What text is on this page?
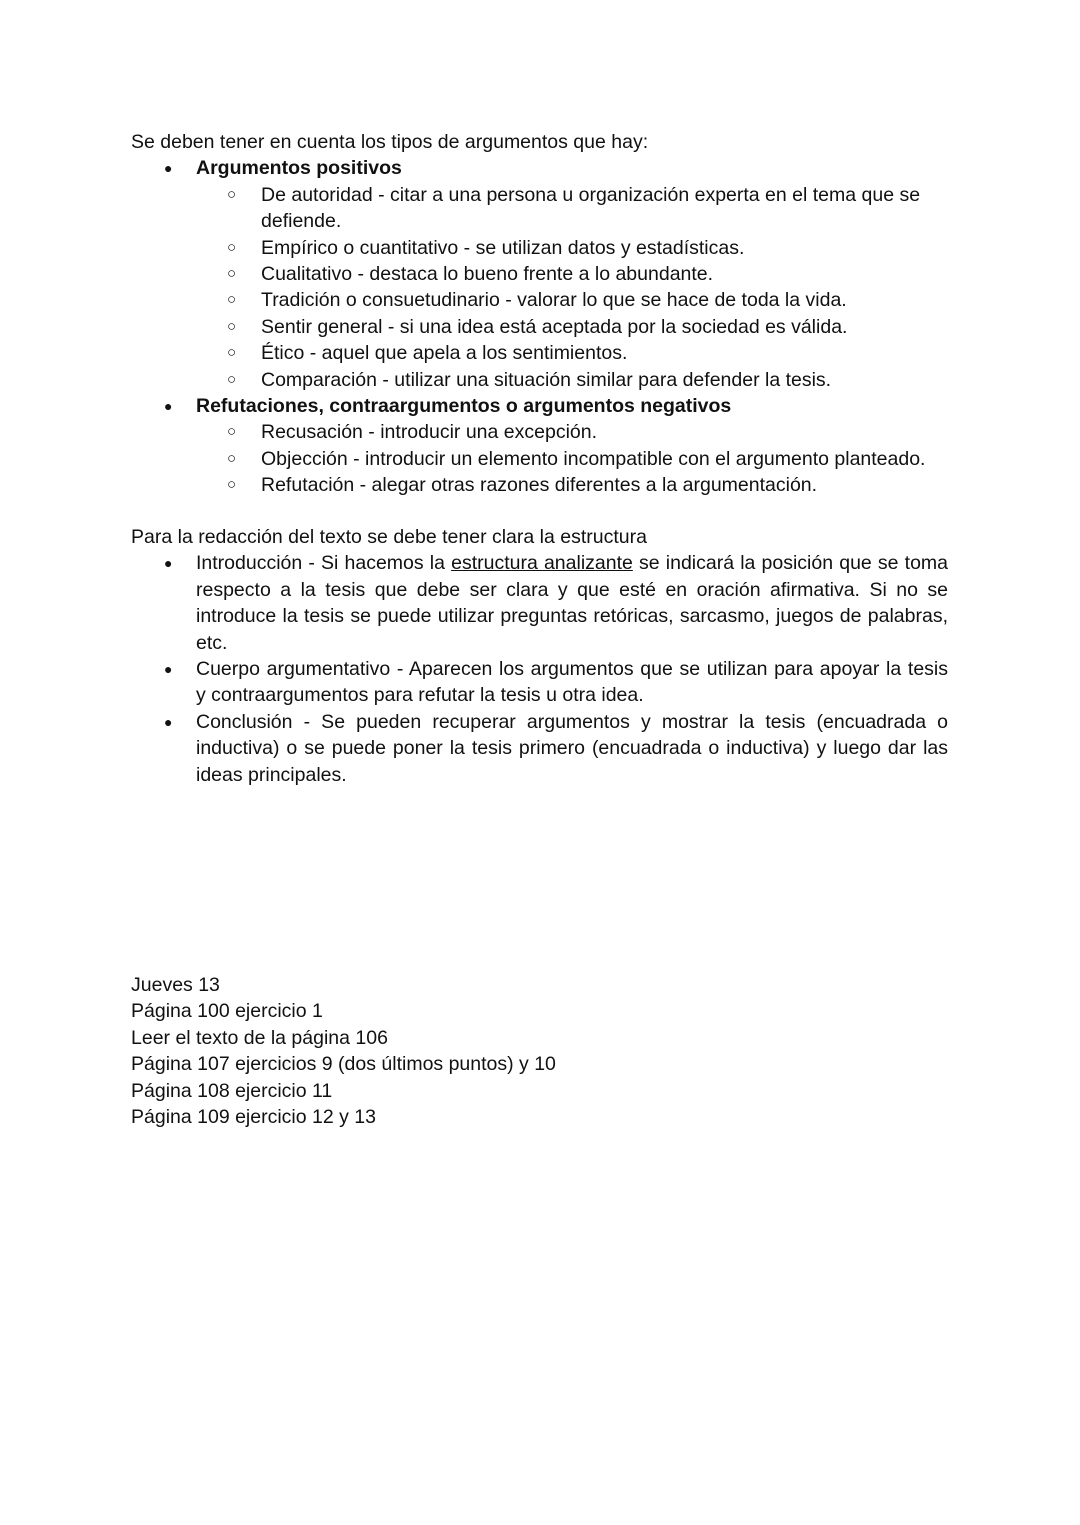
Se deben tener en cuenta los tipos de argumentos que hay:

● Argumentos positivos
○ De autoridad - citar a una persona u organización experta en el tema que se defiende.
○ Empírico o cuantitativo - se utilizan datos y estadísticas.
○ Cualitativo - destaca lo bueno frente a lo abundante.
○ Tradición o consuetudinario - valorar lo que se hace de toda la vida.
○ Sentir general - si una idea está aceptada por la sociedad es válida.
○ Ético - aquel que apela a los sentimientos.
○ Comparación - utilizar una situación similar para defender la tesis.
● Refutaciones, contraargumentos o argumentos negativos
○ Recusación - introducir una excepción.
○ Objección - introducir un elemento incompatible con el argumento planteado.
○ Refutación - alegar otras razones diferentes a la argumentación.

Para la redacción del texto se debe tener clara la estructura

● Introducción - Si hacemos la estructura analizante se indicará la posición que se toma respecto a la tesis que debe ser clara y que esté en oración afirmativa. Si no se introduce la tesis se puede utilizar preguntas retóricas, sarcasmo, juegos de palabras, etc.
● Cuerpo argumentativo - Aparecen los argumentos que se utilizan para apoyar la tesis y contraargumentos para refutar la tesis u otra idea.
● Conclusión - Se pueden recuperar argumentos y mostrar la tesis (encuadrada o inductiva) o se puede poner la tesis primero (encuadrada o inductiva) y luego dar las ideas principales.

Jueves 13

Página 100 ejercicio 1

Leer el texto de la página 106

Página 107 ejercicios 9 (dos últimos puntos) y 10

Página 108 ejercicio 11

Página 109 ejercicio 12 y 13
